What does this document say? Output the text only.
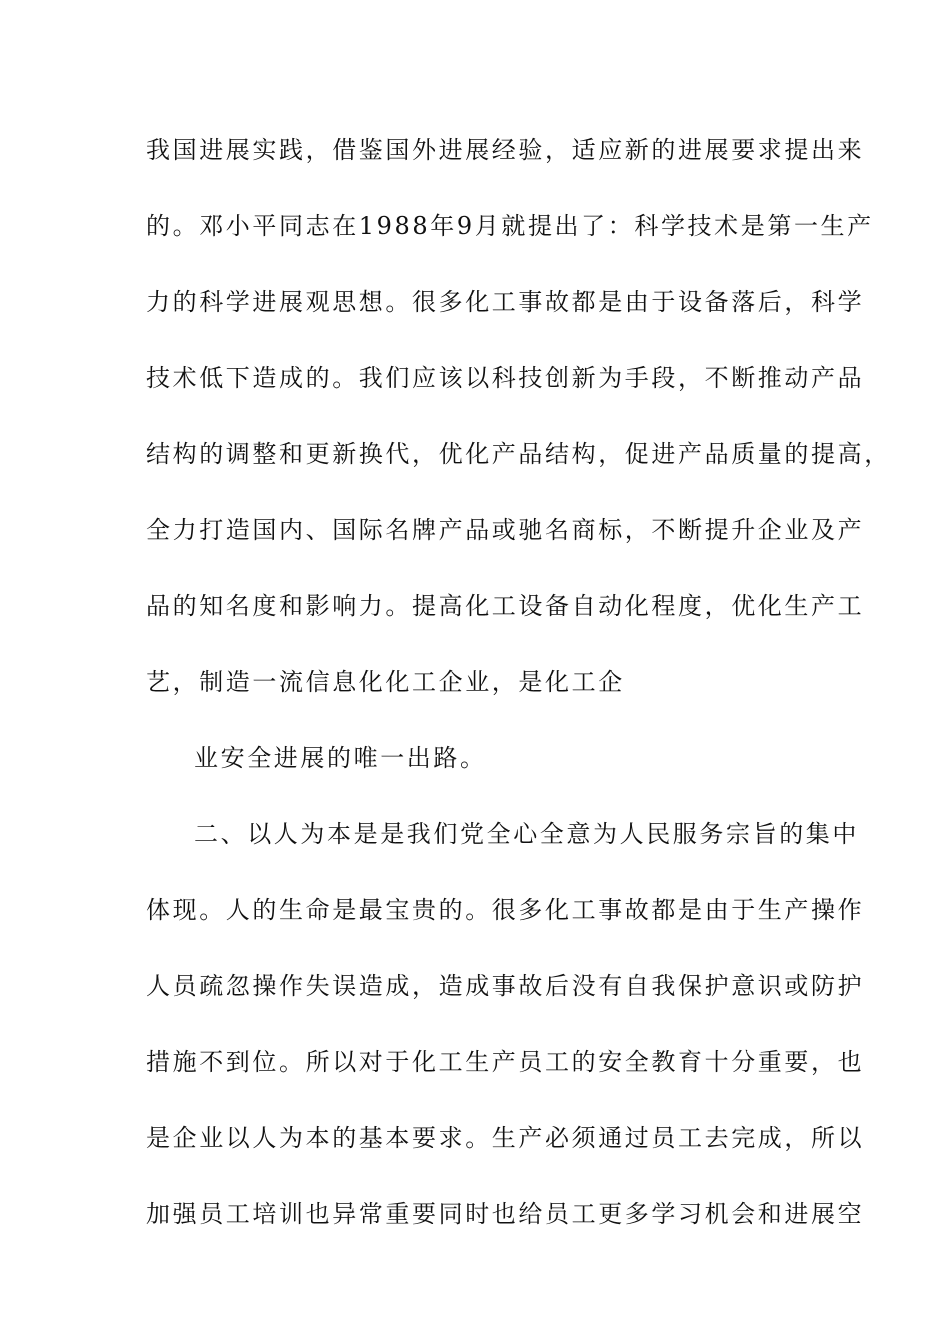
我国进展实践，借鉴国外进展经验，适应新的进展要求提出来
的。邓小平同志在1988年9月就提出了：科学技术是第一生产
力的科学进展观思想。很多化工事故都是由于设备落后，科学
技术低下造成的。我们应该以科技创新为手段，不断推动产品
结构的调整和更新换代，优化产品结构，促进产品质量的提高，
全力打造国内、国际名牌产品或驰名商标，不断提升企业及产
品的知名度和影响力。提高化工设备自动化程度，优化生产工
艺，制造一流信息化化工企业，是化工企
业安全进展的唯一出路。
二、以人为本是是我们党全心全意为人民服务宗旨的集中
体现。人的生命是最宝贵的。很多化工事故都是由于生产操作
人员疏忽操作失误造成，造成事故后没有自我保护意识或防护
措施不到位。所以对于化工生产员工的安全教育十分重要，也
是企业以人为本的基本要求。生产必须通过员工去完成，所以
加强员工培训也异常重要同时也给员工更多学习机会和进展空
